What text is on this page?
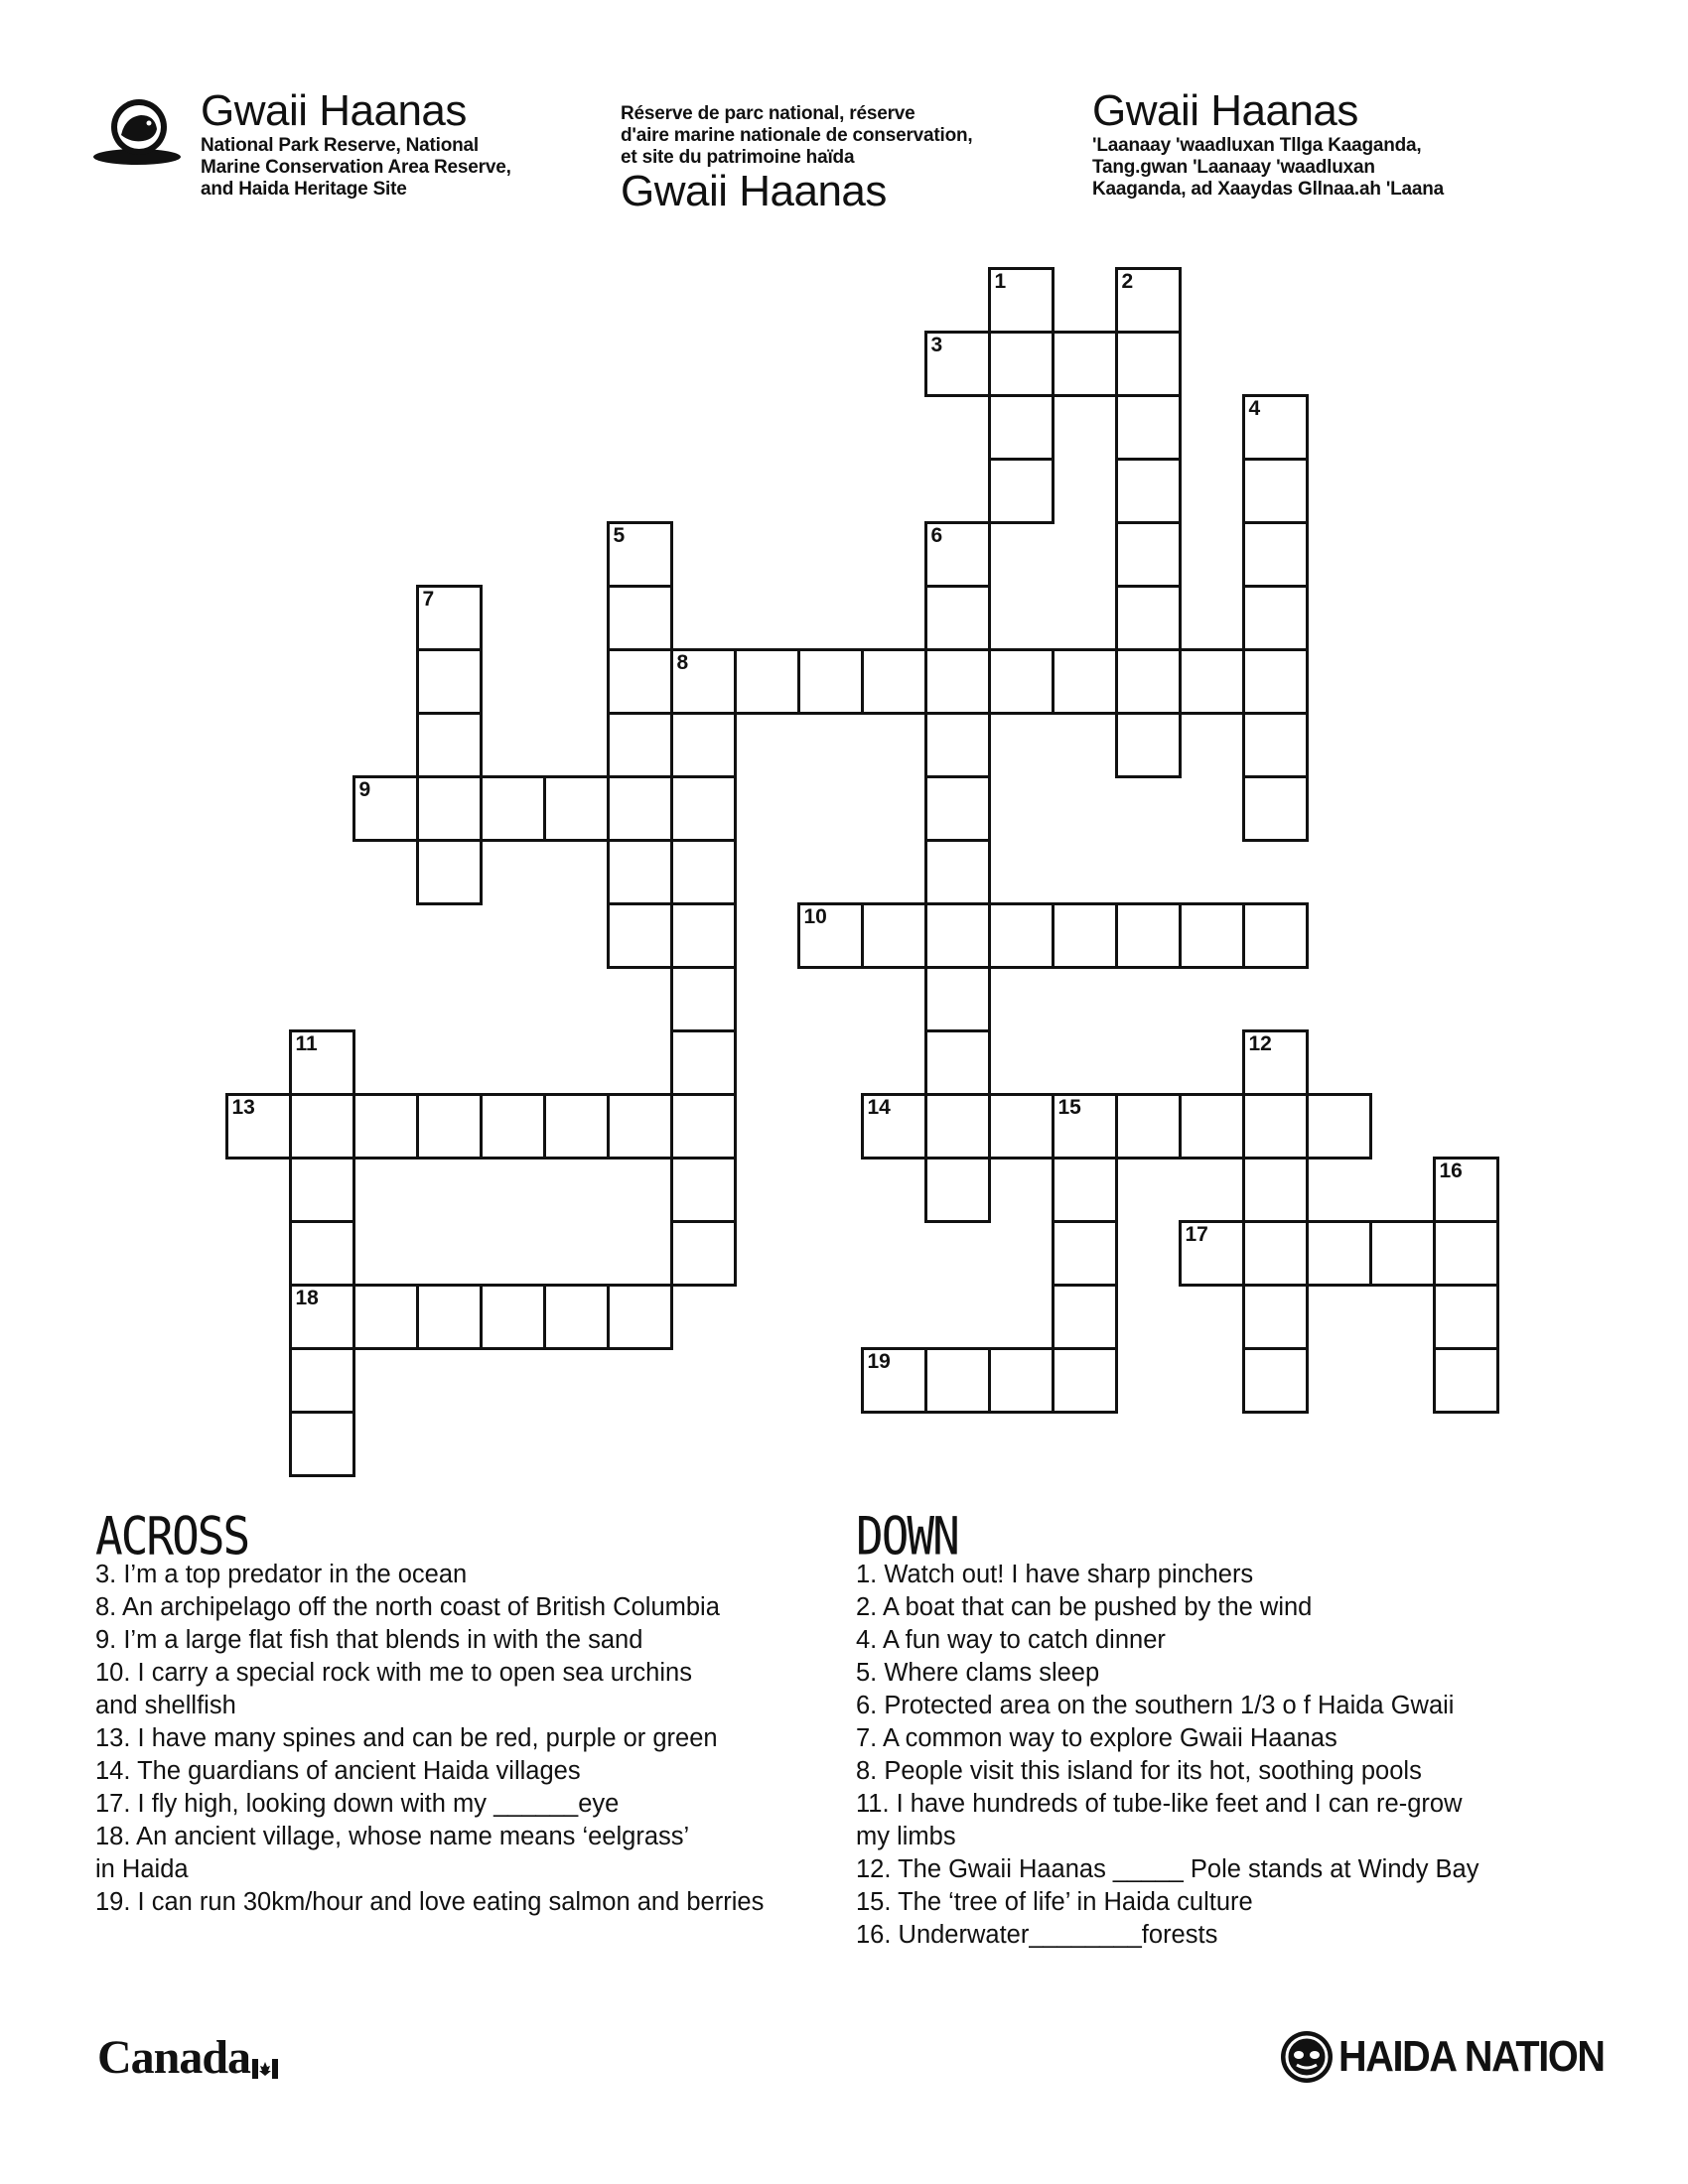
Gwaii Haanas
National Park Reserve, National
Marine Conservation Area Reserve,
and Haida Heritage Site
Réserve de parc national, réserve
d'aire marine nationale de conservation,
et site du patrimoine haïda
Gwaii Haanas
Gwaii Haanas
'Laanaay 'waadluxan Tllga Kaaganda,
Tang.gwan 'Laanaay 'waadluxan
Kaaganda, ad Xaaydas Gllnaa.ah 'Laana
1	2
3
4
5	6
7
8
9
10
11	12
13	14	15
16
17
18
19
ACROSS
3. I’m a top predator in the ocean
8. An archipelago off the north coast of British Columbia
9. I’m a large flat fish that blends in with the sand
10. I carry a special rock with me to open sea urchins
and shellfish
13. I have many spines and can be red, purple or green
14. The guardians of ancient Haida villages
17. I fly high, looking down with my ______eye
18. An ancient village, whose name means ‘eelgrass’
in Haida
19. I can run 30km/hour and love eating salmon and berries
DOWN
1. Watch out! I have sharp pinchers
2. A boat that can be pushed by the wind
4. A fun way to catch dinner
5. Where clams sleep
6. Protected area on the southern 1/3 o f Haida Gwaii
7. A common way to explore Gwaii Haanas
8. People visit this island for its hot, soothing pools
11. I have hundreds of tube-like feet and I can re-grow
my limbs
12. The Gwaii Haanas _____ Pole stands at Windy Bay
15. The ‘tree of life’ in Haida culture
16. Underwater________forests
Canada	HAIDA NATION
